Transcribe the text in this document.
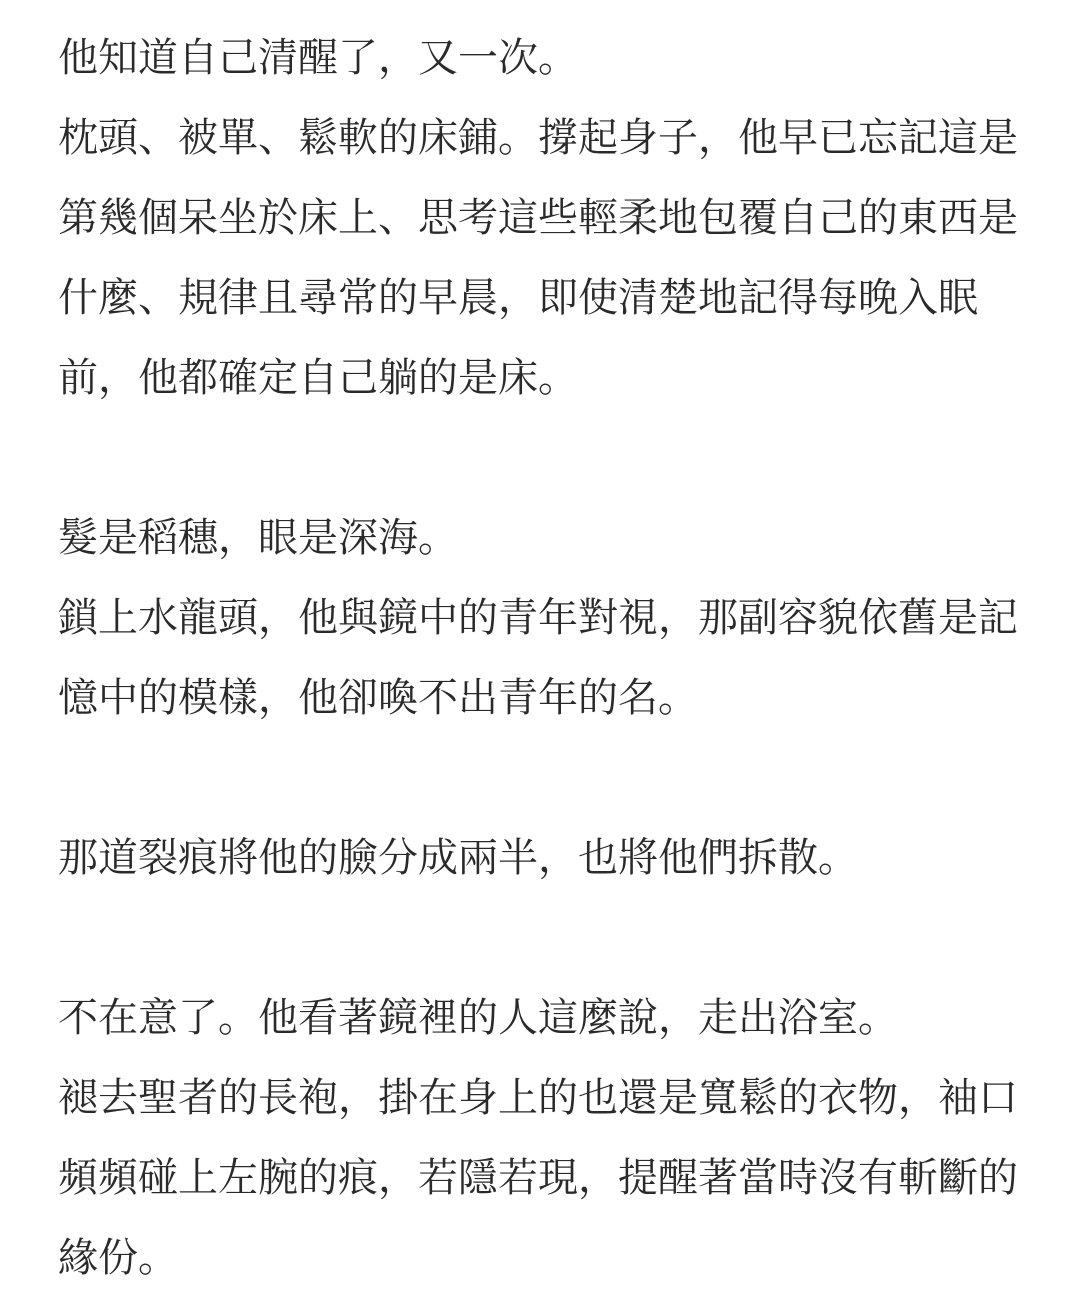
他知道自己清醒了，又一次。

枕頭、被單、鬆軟的床鋪。撐起身子，他早已忘記這是第幾個呆坐於床上、思考這些輕柔地包覆自己的東西是什麼、規律且尋常的早晨，即使清楚地記得每晚入眠前，他都確定自己躺的是床。

髮是稻穗，眼是深海。

鎖上水龍頭，他與鏡中的青年對視，那副容貌依舊是記憶中的模樣，他卻喚不出青年的名。

那道裂痕將他的臉分成兩半，也將他們拆散。

不在意了。他看著鏡裡的人這麼說，走出浴室。

褪去聖者的長袍，掛在身上的也還是寬鬆的衣物，袖口頻頻碰上左腕的痕，若隱若現，提醒著當時沒有斬斷的緣份。
